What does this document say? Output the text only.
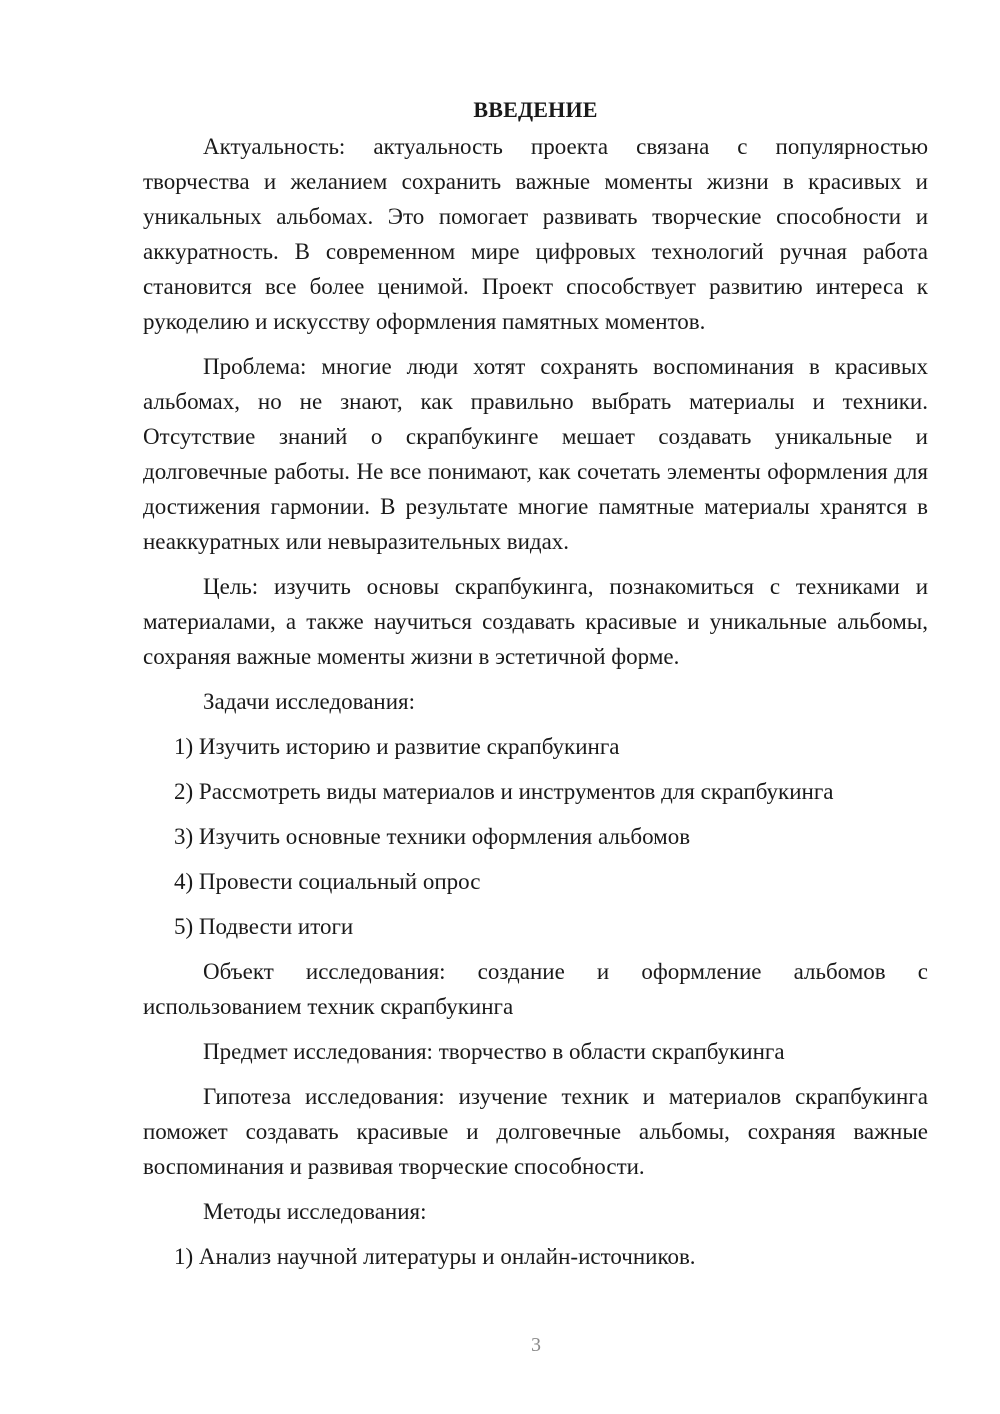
ВВЕДЕНИЕ

Актуальность: актуальность проекта связана с популярностью творчества и желанием сохранить важные моменты жизни в красивых и уникальных альбомах. Это помогает развивать творческие способности и аккуратность. В современном мире цифровых технологий ручная работа становится все более ценимой. Проект способствует развитию интереса к рукоделию и искусству оформления памятных моментов.

Проблема: многие люди хотят сохранять воспоминания в красивых альбомах, но не знают, как правильно выбрать материалы и техники. Отсутствие знаний о скрапбукинге мешает создавать уникальные и долговечные работы. Не все понимают, как сочетать элементы оформления для достижения гармонии. В результате многие памятные материалы хранятся в неаккуратных или невыразительных видах.

Цель: изучить основы скрапбукинга, познакомиться с техниками и материалами, а также научиться создавать красивые и уникальные альбомы, сохраняя важные моменты жизни в эстетичной форме.

Задачи исследования:
1) Изучить историю и развитие скрапбукинга
2) Рассмотреть виды материалов и инструментов для скрапбукинга
3) Изучить основные техники оформления альбомов
4) Провести социальный опрос
5) Подвести итоги

Объект исследования: создание и оформление альбомов с использованием техник скрапбукинга

Предмет исследования: творчество в области скрапбукинга

Гипотеза исследования: изучение техник и материалов скрапбукинга поможет создавать красивые и долговечные альбомы, сохраняя важные воспоминания и развивая творческие способности.

Методы исследования:
1) Анализ научной литературы и онлайн-источников.
3
